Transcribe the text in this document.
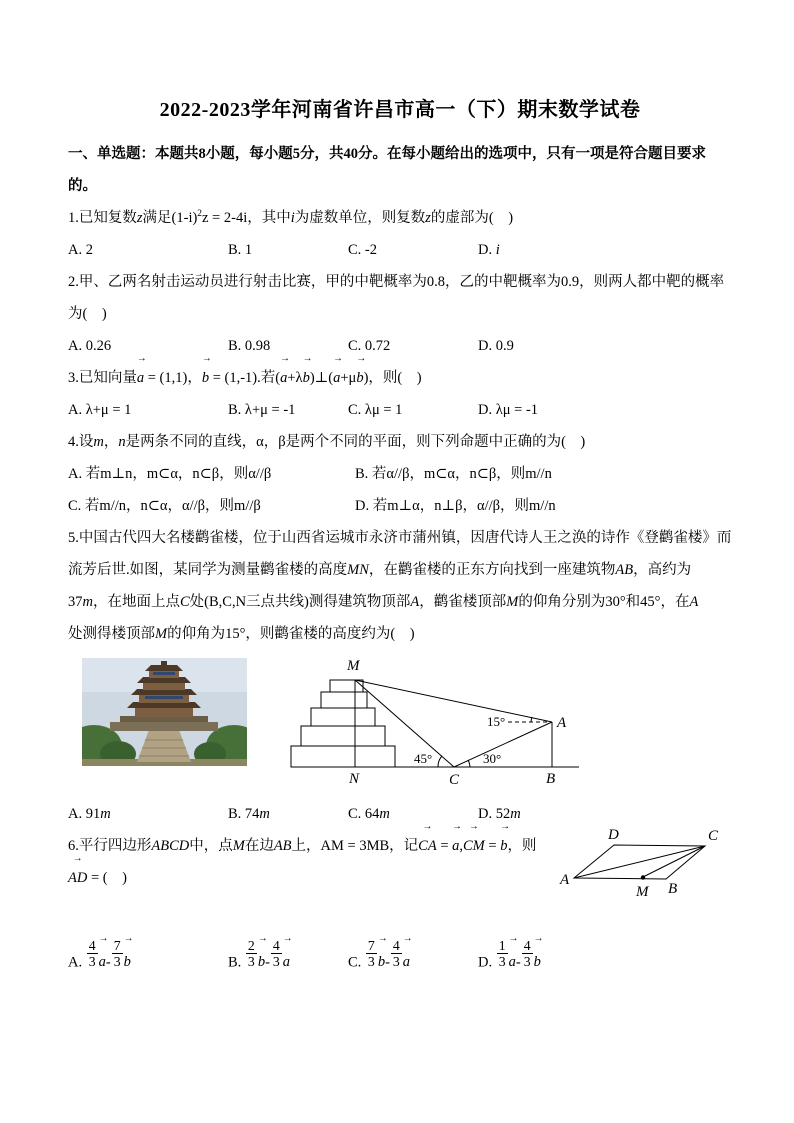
2022-2023学年河南省许昌市高一（下）期末数学试卷
一、单选题：本题共8小题，每小题5分，共40分。在每小题给出的选项中，只有一项是符合题目要求的。
1.已知复数z满足$(1-i)^2z = 2-4i$，其中i为虚数单位，则复数z的虚部为(　)
A. 2	B. 1	C. -2	D. i
2.甲、乙两名射击运动员进行射击比赛，甲的中靶概率为0.8，乙的中靶概率为0.9，则两人都中靶的概率
为(　)
A. 0.26	B. 0.98	C. 0.72	D. 0.9
3.已知向量→ a = (1,1)，→ b = (1,-1).若(→ a+λ→ b)⊥(→ a+μ→ b)，则(　)
A. λ+μ = 1	B. λ+μ = -1	C. λμ = 1	D. λμ = -1
4.设m，n是两条不同的直线，α，β是两个不同的平面，则下列命题中正确的为(　)
A. 若m⊥n，m⊂α，n⊂β，则α//β	B. 若α//β，m⊂α，n⊂β，则m//n
C. 若m//n，n⊂α，α//β，则m//β	D. 若m⊥α，n⊥β，α//β，则m//n
5.中国古代四大名楼鹳雀楼，位于山西省运城市永济市蒲州镇，因唐代诗人王之涣的诗作《登鹳雀楼》而
流芳后世.如图，某同学为测量鹳雀楼的高度MN，在鹳雀楼的正东方向找到一座建筑物AB，高约为
37m，在地面上点C处(B,C,N三点共线)测得建筑物顶部A，鹳雀楼顶部M的仰角分别为30°和45°，在A
处测得楼顶部M的仰角为15°，则鹳雀楼的高度约为(　)
M
N	C	B
A
45°	30°
15°
A. 91m	B. 74m	C. 64m	D. 52m
6.平行四边形ABCD中，点M在边AB上，AM = 3MB，记→ CA = → a,→ CM = → b，则
→ AD = (　)
D	C
A
B
M
A. $\frac{4}{3} \to a- \frac{7}{3} \to b$	B. $\frac{2}{3} \to b- \frac{4}{3} \to a$	C. $\frac{7}{3} \to b- \frac{4}{3} \to a$	D. $\frac{1}{3} \to a- \frac{4}{3} \to b$
